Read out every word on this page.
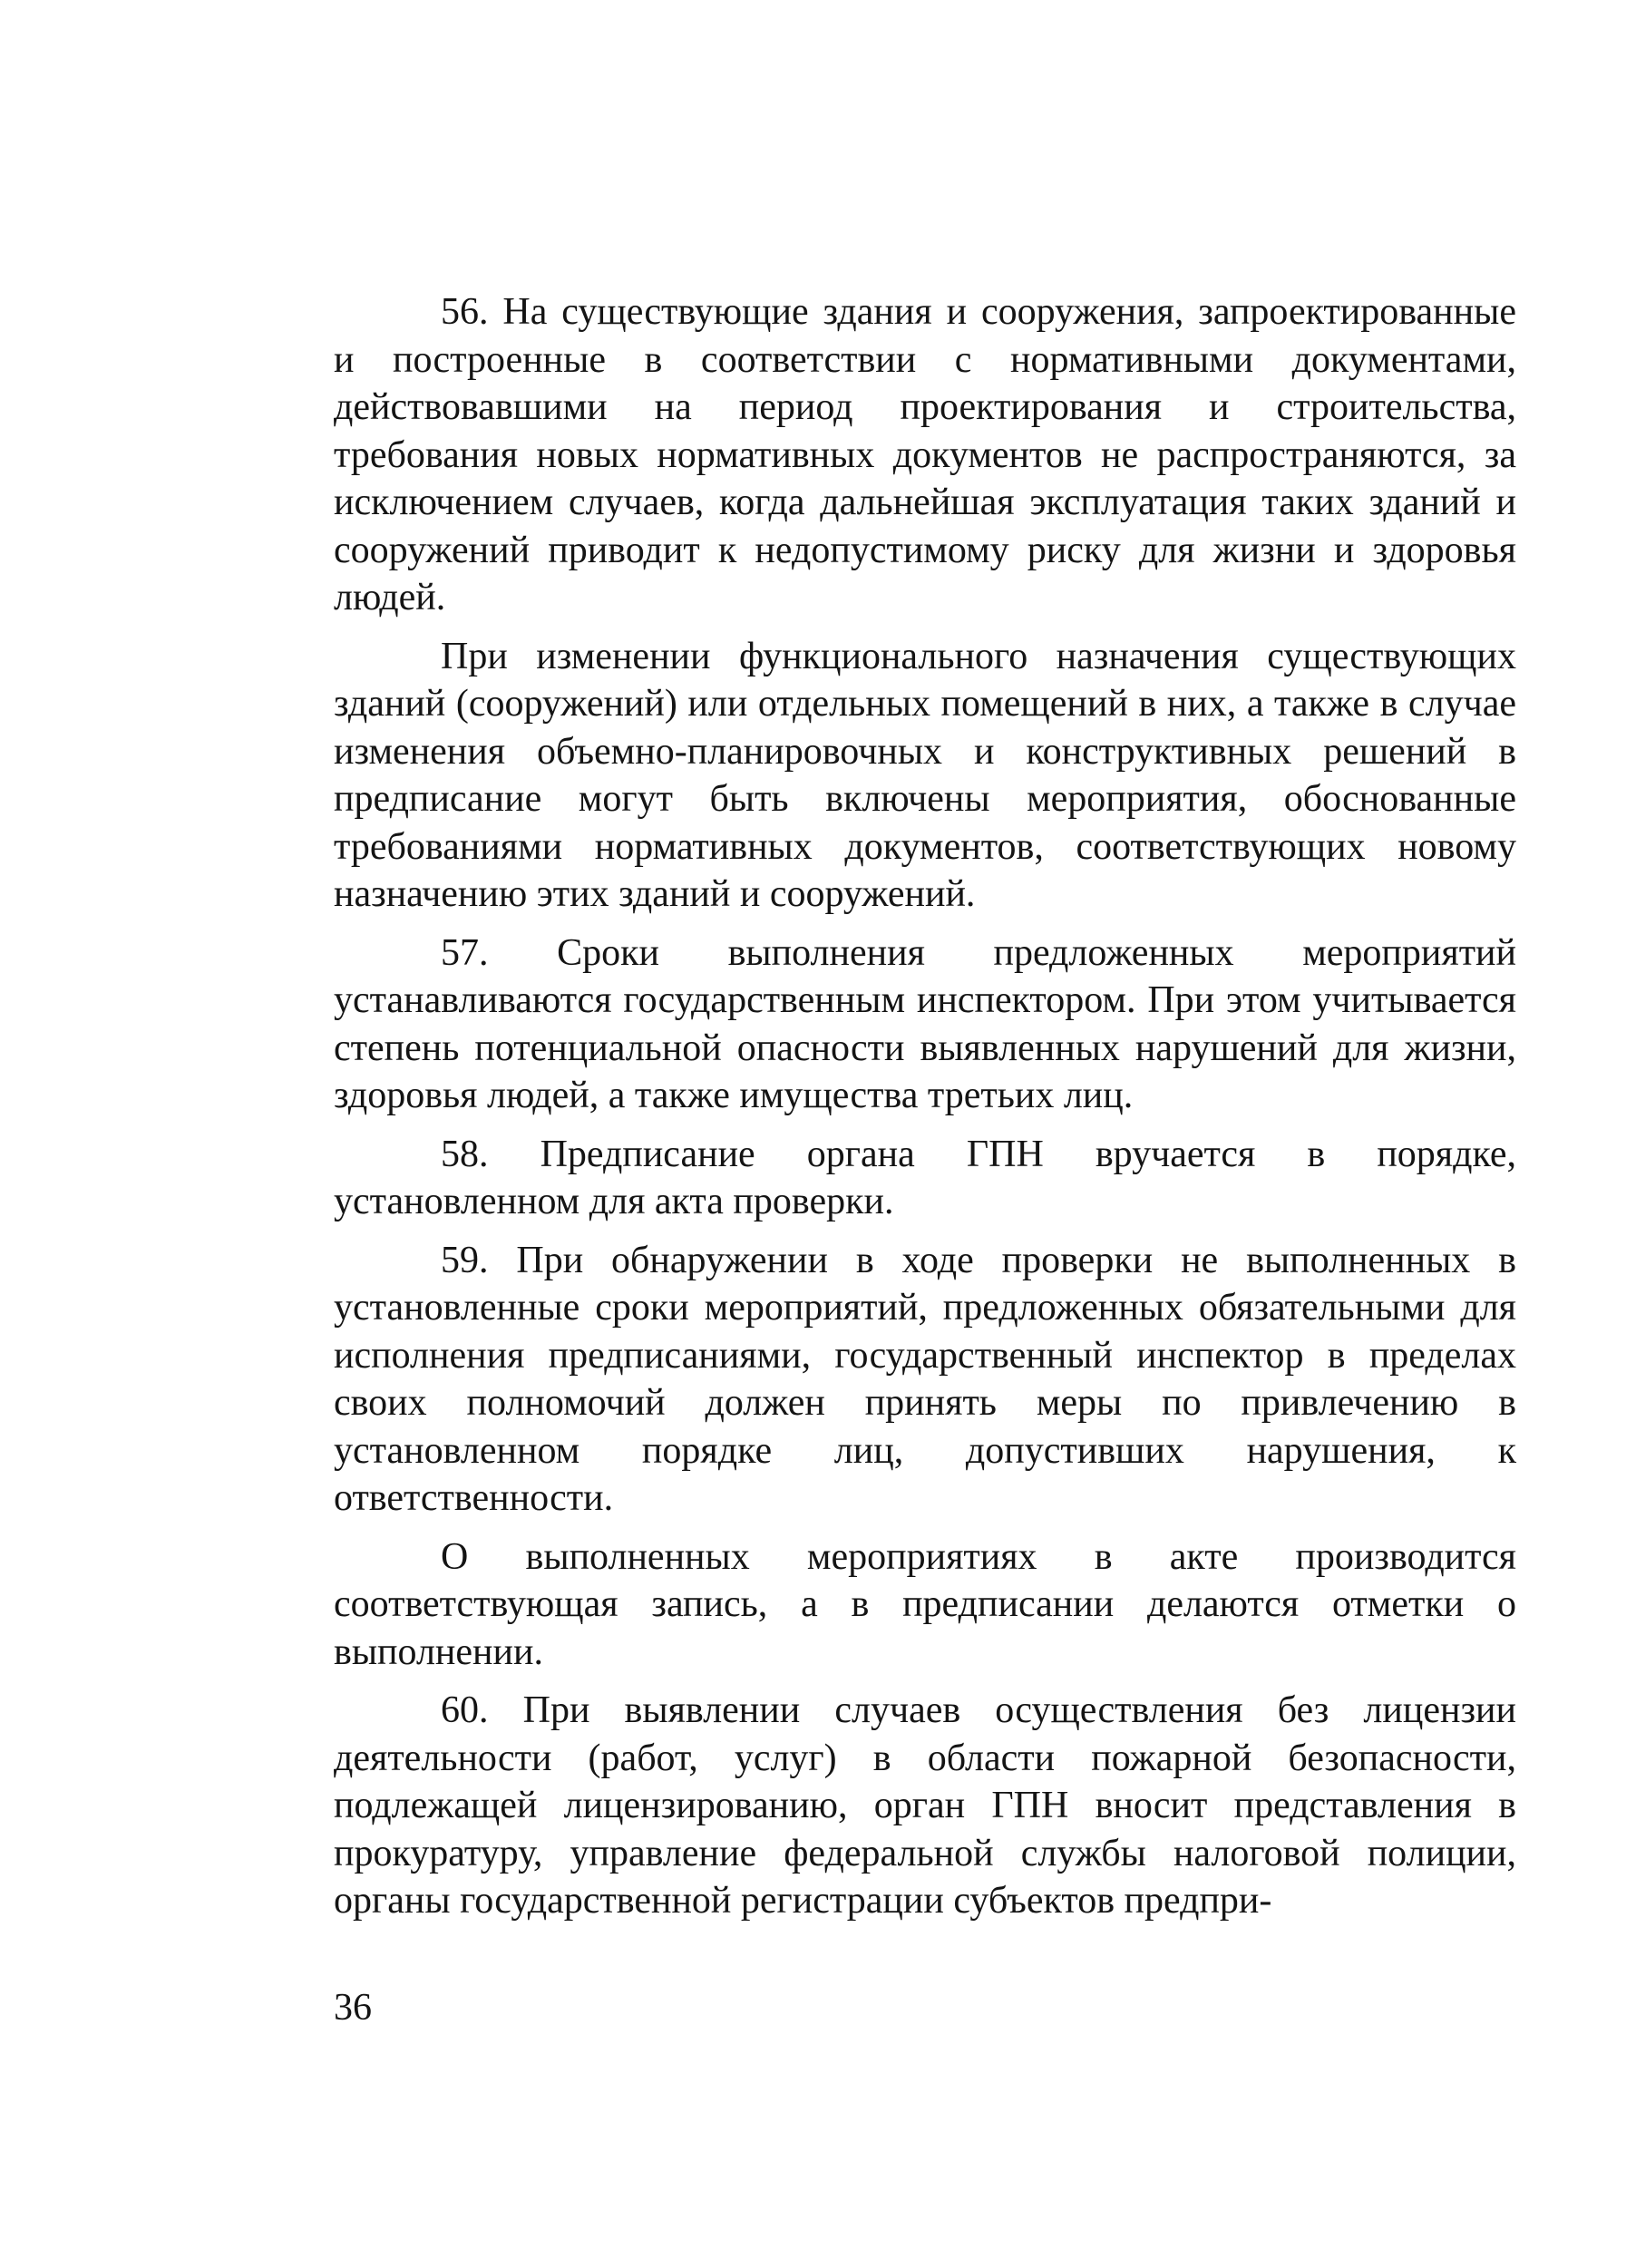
56. На существующие здания и сооружения, запроектированные и построенные в соответствии с нормативными документами, действовавшими на период проектирования и строительства, требования новых нормативных документов не распространяются, за исключением случаев, когда дальнейшая эксплуатация таких зданий и сооружений приводит к недопустимому риску для жизни и здоровья людей.

При изменении функционального назначения существующих зданий (сооружений) или отдельных помещений в них, а также в случае изменения объемно-планировочных и конструктивных решений в предписание могут быть включены мероприятия, обоснованные требованиями нормативных документов, соответствующих новому назначению этих зданий и сооружений.

57. Сроки выполнения предложенных мероприятий устанавливаются государственным инспектором. При этом учитывается степень потенциальной опасности выявленных нарушений для жизни, здоровья людей, а также имущества третьих лиц.

58. Предписание органа ГПН вручается в порядке, установленном для акта проверки.

59. При обнаружении в ходе проверки не выполненных в установленные сроки мероприятий, предложенных обязательными для исполнения предписаниями, государственный инспектор в пределах своих полномочий должен принять меры по привлечению в установленном порядке лиц, допустивших нарушения, к ответственности.

О выполненных мероприятиях в акте производится соответствующая запись, а в предписании делаются отметки о выполнении.

60. При выявлении случаев осуществления без лицензии деятельности (работ, услуг) в области пожарной безопасности, подлежащей лицензированию, орган ГПН вносит представления в прокуратуру, управление федеральной службы налоговой полиции, органы государственной регистрации субъектов предпри-

36
